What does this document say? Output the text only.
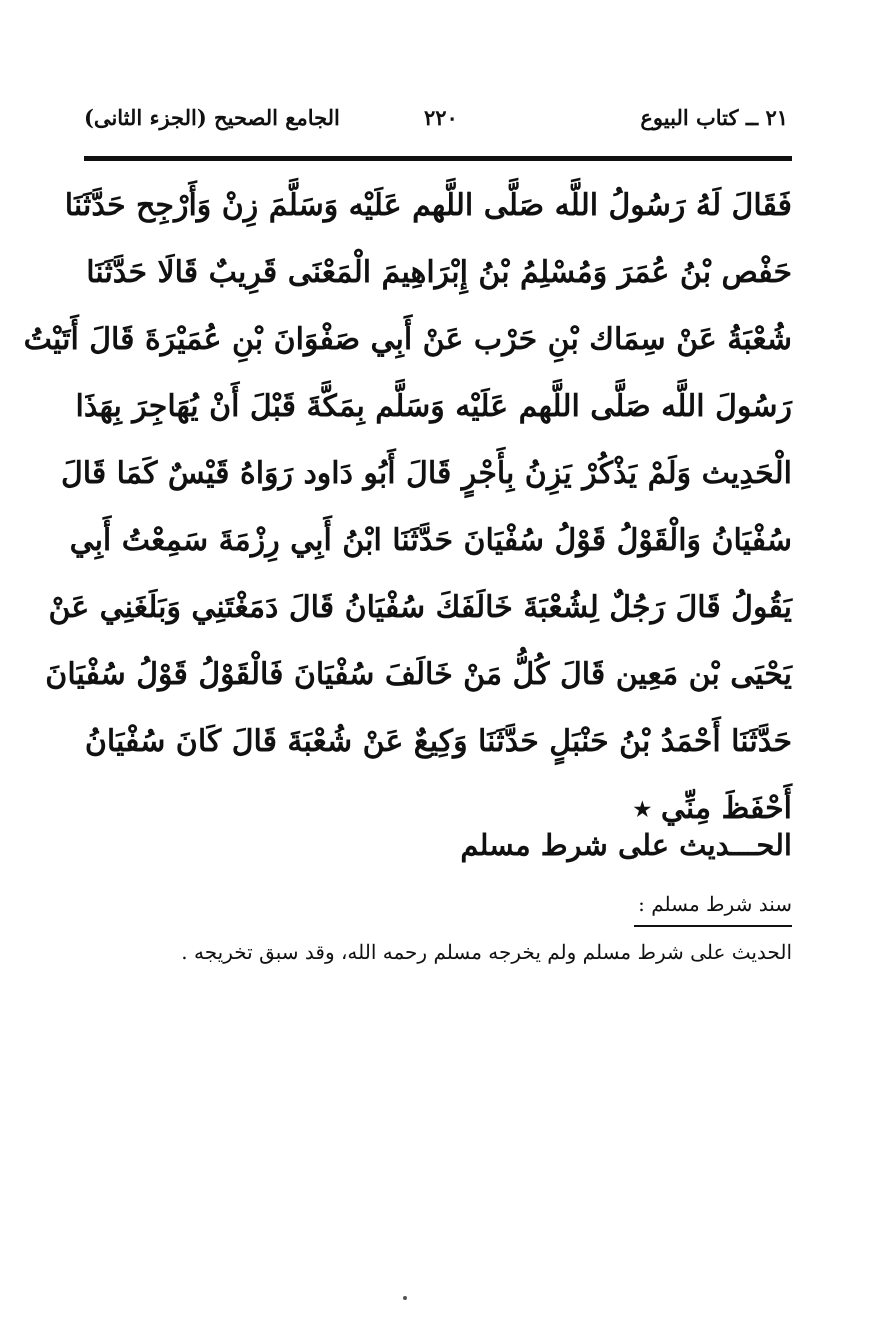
٢١ ــ كتاب البيوع
٢٢٠
الجامع الصحيح (الجزء الثانى)
فَقَالَ لَهُ رَسُولُ اللَّه صَلَّى اللَّهم عَلَيْه وَسَلَّمَ زِنْ وَأَرْجِح حَدَّثَنَا
حَفْص بْنُ عُمَرَ وَمُسْلِمُ بْنُ إِبْرَاهِيمَ الْمَعْنَى قَرِيبٌ قَالَا حَدَّثَنَا
شُعْبَةُ عَنْ سِمَاك بْنِ حَرْب عَنْ أَبِي صَفْوَانَ بْنِ عُمَيْرَةَ قَالَ أَتَيْتُ
رَسُولَ اللَّه صَلَّى اللَّهم عَلَيْه وَسَلَّم بِمَكَّةَ قَبْلَ أَنْ يُهَاجِرَ بِهَذَا
الْحَدِيث وَلَمْ يَذْكُرْ يَزِنُ بِأَجْرٍ قَالَ أَبُو دَاود رَوَاهُ قَيْسٌ كَمَا قَالَ
سُفْيَانُ وَالْقَوْلُ قَوْلُ سُفْيَانَ حَدَّثَنَا ابْنُ أَبِي رِزْمَةَ سَمِعْتُ أَبِي
يَقُولُ قَالَ رَجُلٌ لِشُعْبَةَ خَالَفَكَ سُفْيَانُ قَالَ دَمَغْتَنِي وَبَلَغَنِي عَنْ
يَحْيَى بْن مَعِين قَالَ كُلُّ مَنْ خَالَفَ سُفْيَانَ فَالْقَوْلُ قَوْلُ سُفْيَانَ
حَدَّثَنَا أَحْمَدُ بْنُ حَنْبَلٍ حَدَّثَنَا وَكِيعٌ عَنْ شُعْبَةَ قَالَ كَانَ سُفْيَانُ
أَحْفَظَ مِنِّي ⭑
الحـــديث على شرط مسلم
سند شرط مسلم :
الحديث على شرط مسلم ولم يخرجه مسلم رحمه الله، وقد سبق تخريجه .
